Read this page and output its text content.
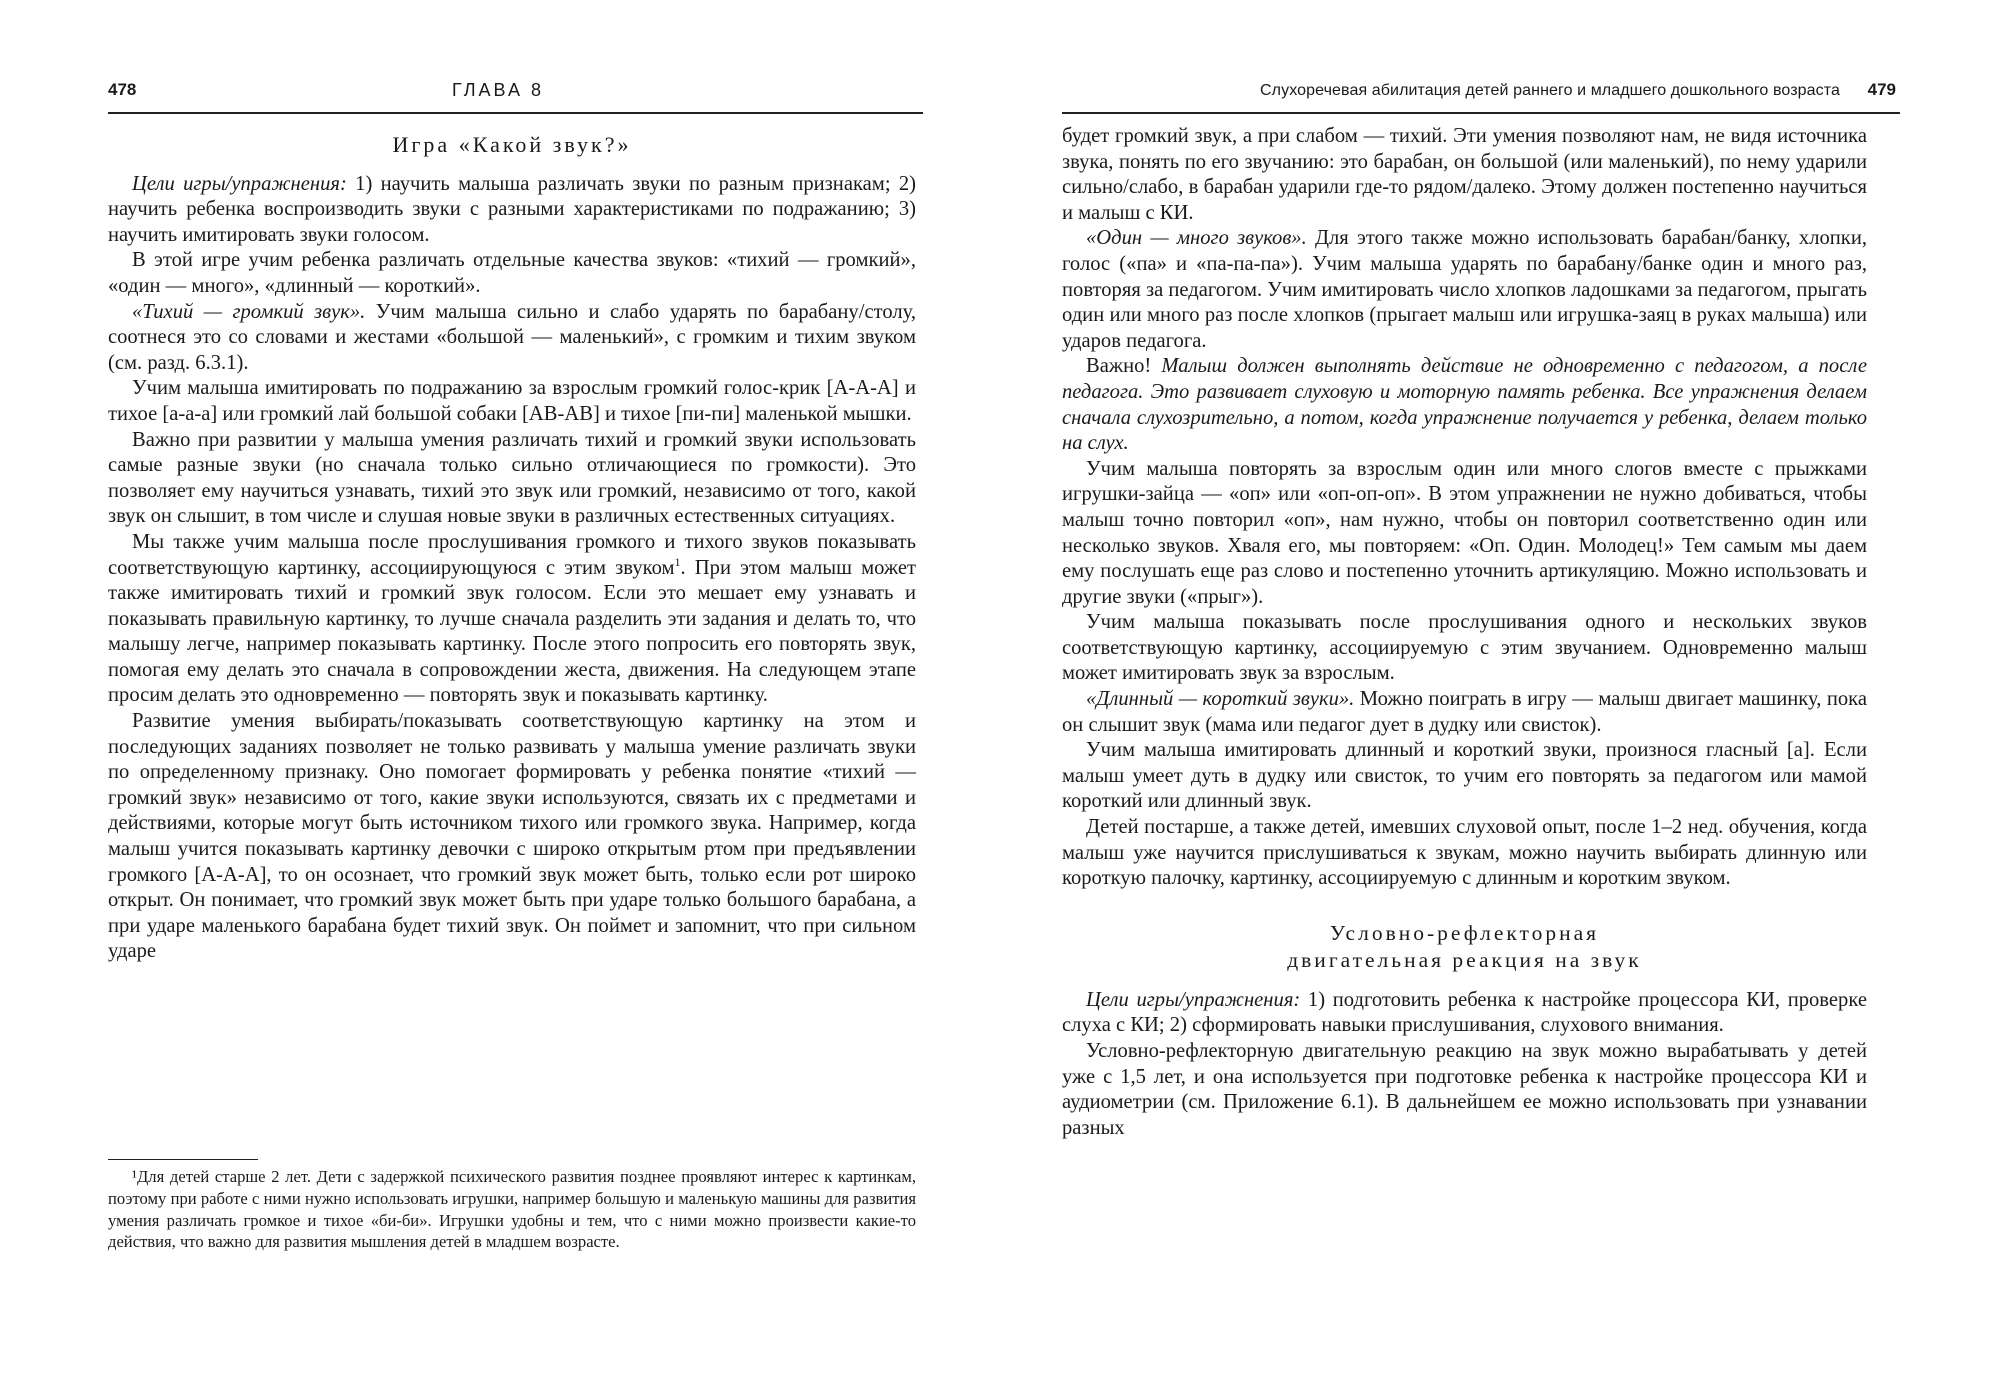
478	ГЛАВА 8
Игра «Какой звук?»

Цели игры/упражнения: 1) научить малыша различать звуки по разным признакам; 2) научить ребенка воспроизводить звуки с разными характеристиками по подражанию; 3) научить имитировать звуки голосом.

В этой игре учим ребенка различать отдельные качества звуков: «тихий — громкий», «один — много», «длинный — короткий».

«Тихий — громкий звук». Учим малыша сильно и слабо ударять по барабану/столу, соотнеся это со словами и жестами «большой — маленький», с громким и тихим звуком (см. разд. 6.3.1).

Учим малыша имитировать по подражанию за взрослым громкий голос-крик [А-А-А] и тихое [а-а-а] или громкий лай большой собаки [АВ-АВ] и тихое [пи-пи] маленькой мышки.

Важно при развитии у малыша умения различать тихий и громкий звуки использовать самые разные звуки (но сначала только сильно отличающиеся по громкости). Это позволяет ему научиться узнавать, тихий это звук или громкий, независимо от того, какой звук он слышит, в том числе и слушая новые звуки в различных естественных ситуациях.

Мы также учим малыша после прослушивания громкого и тихого звуков показывать соответствующую картинку, ассоциирующуюся с этим звуком$^1$. При этом малыш может также имитировать тихий и громкий звук голосом. Если это мешает ему узнавать и показывать правильную картинку, то лучше сначала разделить эти задания и делать то, что малышу легче, например показывать картинку. После этого попросить его повторять звук, помогая ему делать это сначала в сопровождении жеста, движения. На следующем этапе просим делать это одновременно — повторять звук и показывать картинку.

Развитие умения выбирать/показывать соответствующую картинку на этом и последующих заданиях позволяет не только развивать у малыша умение различать звуки по определенному признаку. Оно помогает формировать у ребенка понятие «тихий — громкий звук» независимо от того, какие звуки используются, связать их с предметами и действиями, которые могут быть источником тихого или громкого звука. Например, когда малыш учится показывать картинку девочки с широко открытым ртом при предъявлении громкого [А-А-А], то он осознает, что громкий звук может быть, только если рот широко открыт. Он понимает, что громкий звук может быть при ударе только большого барабана, а при ударе маленького барабана будет тихий звук. Он поймет и запомнит, что при сильном ударе

¹Для детей старше 2 лет. Дети с задержкой психического развития позднее проявляют интерес к картинкам, поэтому при работе с ними нужно использовать игрушки, например большую и маленькую машины для развития умения различать громкое и тихое «би-би». Игрушки удобны и тем, что с ними можно произвести какие-то действия, что важно для развития мышления детей в младшем возрасте.

Слухоречевая абилитация детей раннего и младшего дошкольного возраста 479

будет громкий звук, а при слабом — тихий. Эти умения позволяют нам, не видя источника звука, понять по его звучанию: это барабан, он большой (или маленький), по нему ударили сильно/слабо, в барабан ударили где-то рядом/далеко. Этому должен постепенно научиться и малыш с КИ.

«Один — много звуков». Для этого также можно использовать барабан/банку, хлопки, голос («па» и «па-па-па»). Учим малыша ударять по барабану/банке один и много раз, повторяя за педагогом. Учим имитировать число хлопков ладошками за педагогом, прыгать один или много раз после хлопков (прыгает малыш или игрушка-заяц в руках малыша) или ударов педагога.

Важно! Малыш должен выполнять действие не одновременно с педагогом, а после педагога. Это развивает слуховую и моторную память ребенка. Все упражнения делаем сначала слухозрительно, а потом, когда упражнение получается у ребенка, делаем только на слух.

Учим малыша повторять за взрослым один или много слогов вместе с прыжками игрушки-зайца — «оп» или «оп-оп-оп». В этом упражнении не нужно добиваться, чтобы малыш точно повторил «оп», нам нужно, чтобы он повторил соответственно один или несколько звуков. Хваля его, мы повторяем: «Оп. Один. Молодец!» Тем самым мы даем ему послушать еще раз слово и постепенно уточнить артикуляцию. Можно использовать и другие звуки («прыг»).

Учим малыша показывать после прослушивания одного и нескольких звуков соответствующую картинку, ассоциируемую с этим звучанием. Одновременно малыш может имитировать звук за взрослым.

«Длинный — короткий звуки». Можно поиграть в игру — малыш двигает машинку, пока он слышит звук (мама или педагог дует в дудку или свисток).

Учим малыша имитировать длинный и короткий звуки, произнося гласный [а]. Если малыш умеет дуть в дудку или свисток, то учим его повторять за педагогом или мамой короткий или длинный звук.

Детей постарше, а также детей, имевших слуховой опыт, после 1–2 нед. обучения, когда малыш уже научится прислушиваться к звукам, можно научить выбирать длинную или короткую палочку, картинку, ассоциируемую с длинным и коротким звуком.

Условно-рефлекторная
двигательная реакция на звук

Цели игры/упражнения: 1) подготовить ребенка к настройке процессора КИ, проверке слуха с КИ; 2) сформировать навыки прислушивания, слухового внимания.

Условно-рефлекторную двигательную реакцию на звук можно вырабатывать у детей уже с 1,5 лет, и она используется при подготовке ребенка к настройке процессора КИ и аудиометрии (см. Приложение 6.1). В дальнейшем ее можно использовать при узнавании разных
